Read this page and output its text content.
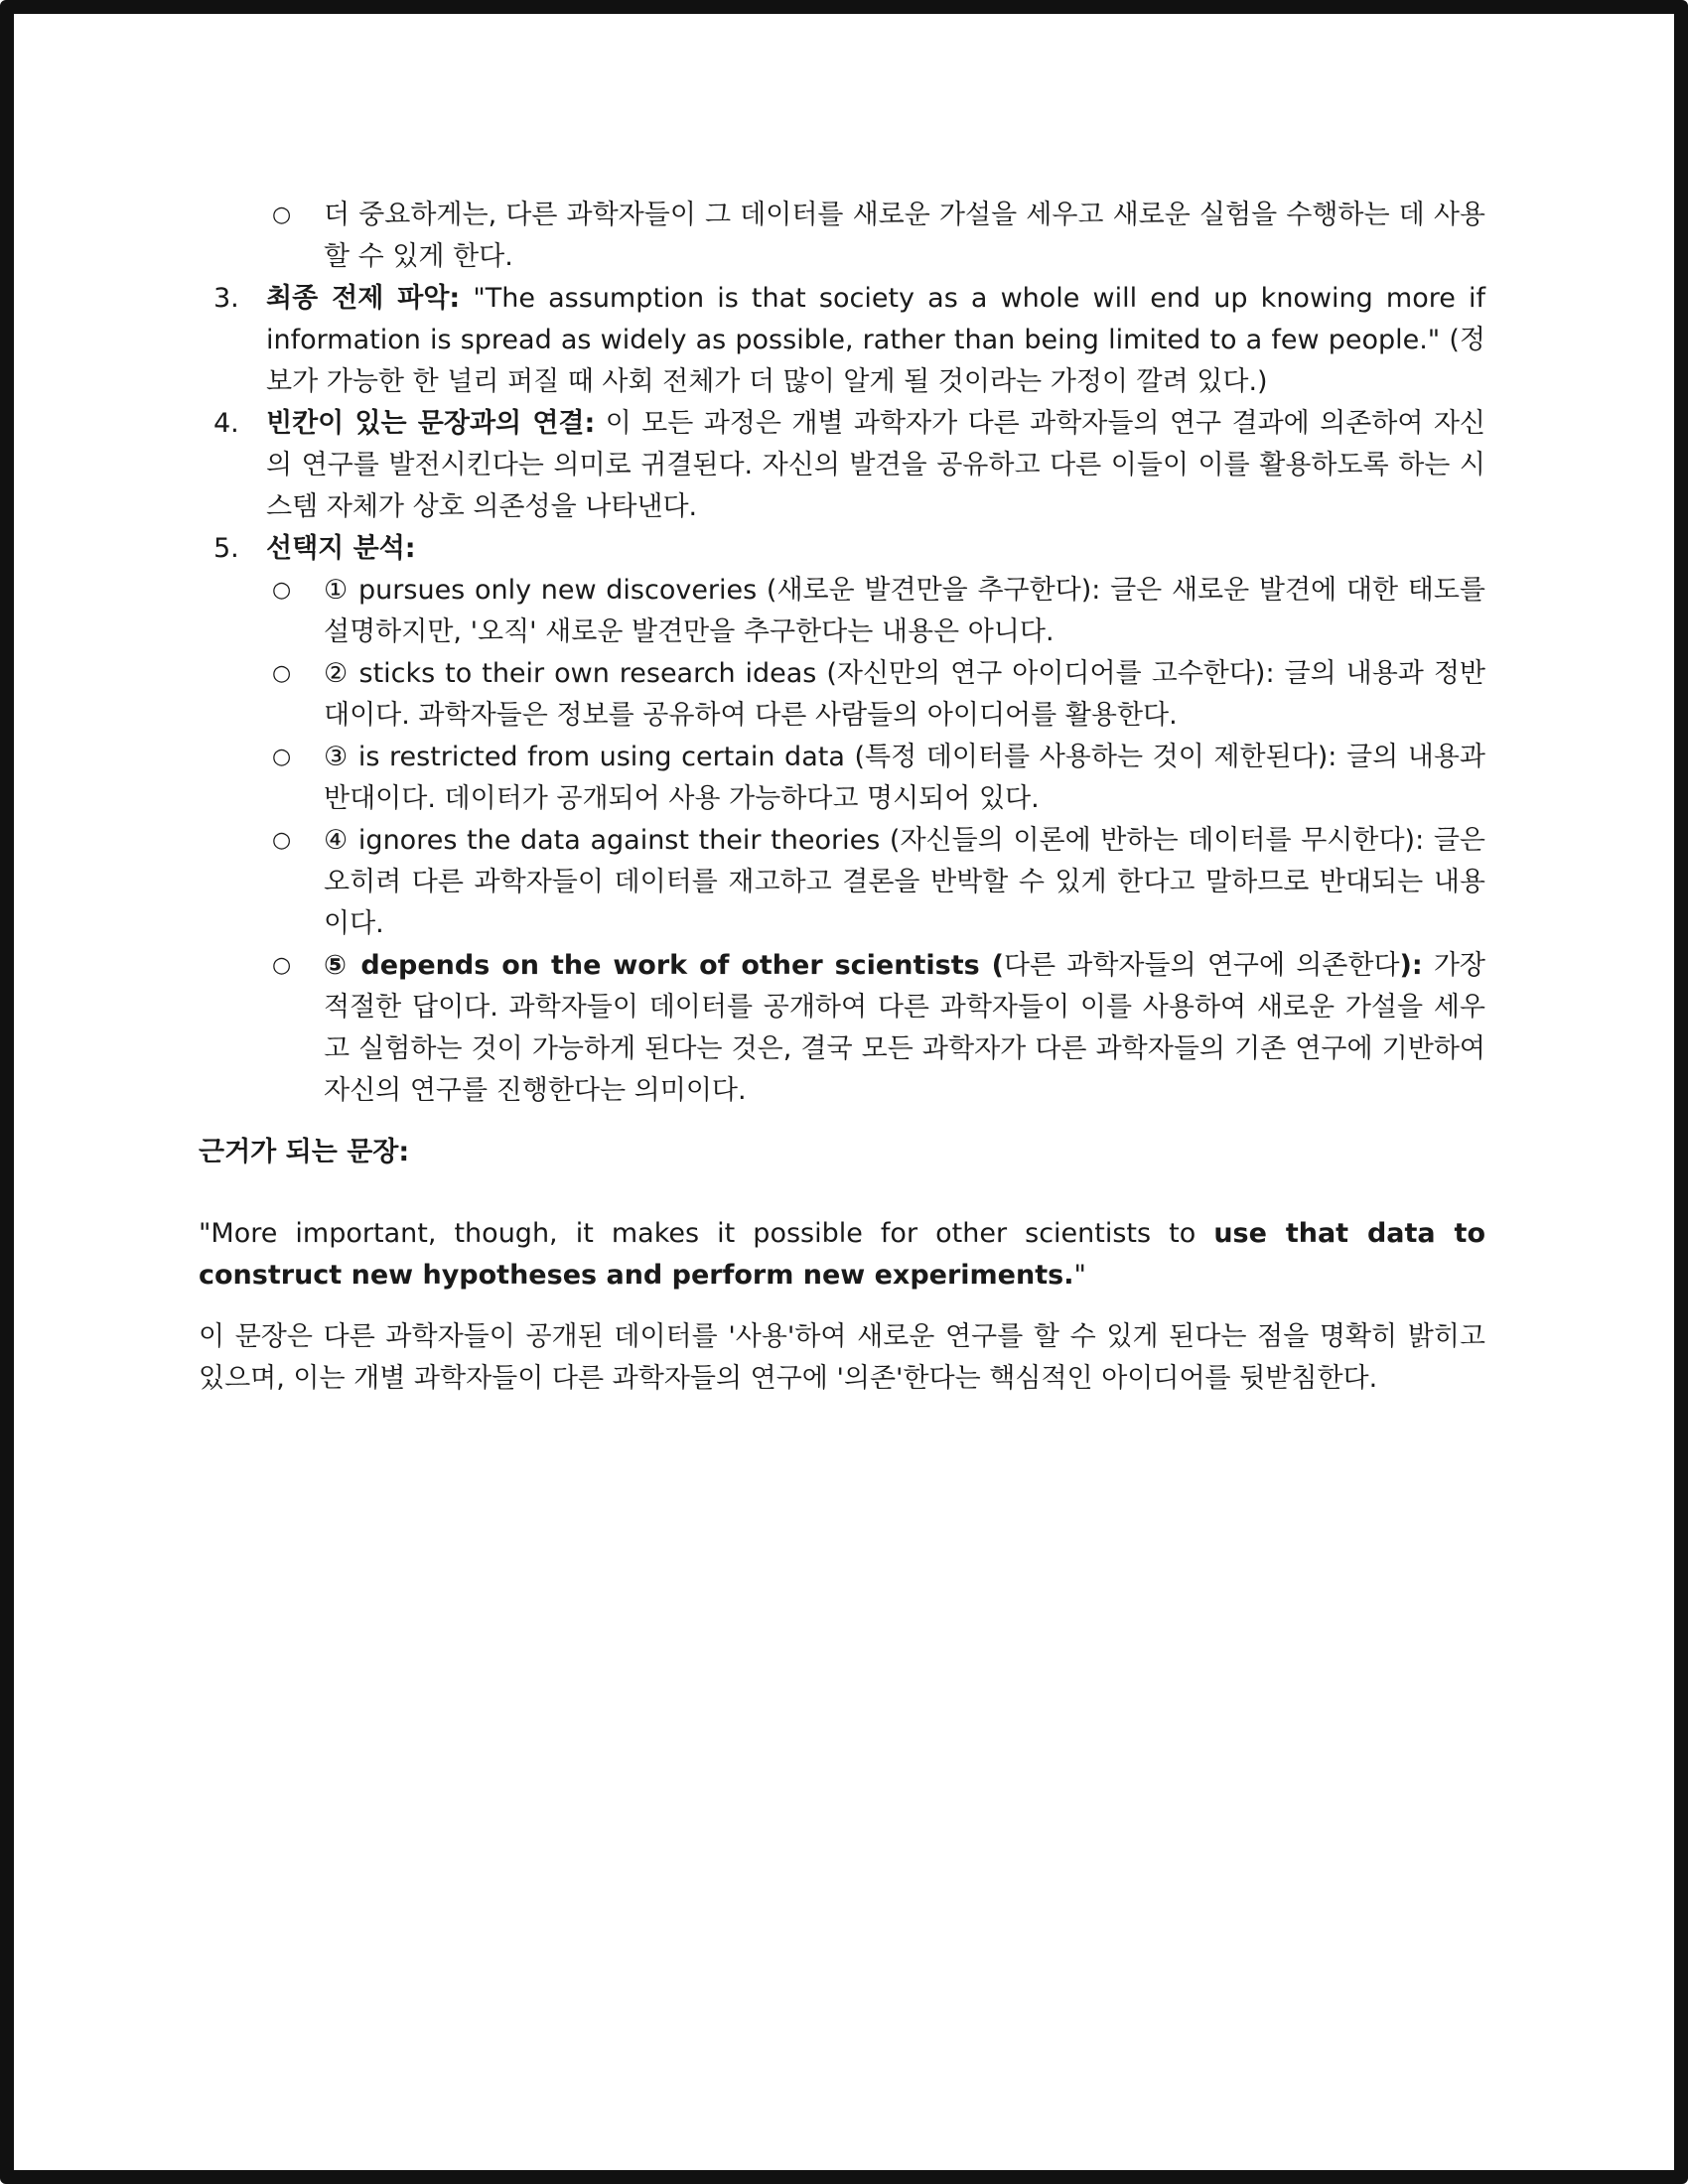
○ 더 중요하게는, 다른 과학자들이 그 데이터를 새로운 가설을 세우고 새로운 실험을 수행하는 데 사용할 수 있게 한다.
3. 최종 전제 파악: "The assumption is that society as a whole will end up knowing more if information is spread as widely as possible, rather than being limited to a few people." (정보가 가능한 한 널리 퍼질 때 사회 전체가 더 많이 알게 될 것이라는 가정이 깔려 있다.)
4. 빈칸이 있는 문장과의 연결: 이 모든 과정은 개별 과학자가 다른 과학자들의 연구 결과에 의존하여 자신의 연구를 발전시킨다는 의미로 귀결된다. 자신의 발견을 공유하고 다른 이들이 이를 활용하도록 하는 시스템 자체가 상호 의존성을 나타낸다.
5. 선택지 분석:
○ ① pursues only new discoveries (새로운 발견만을 추구한다): 글은 새로운 발견에 대한 태도를 설명하지만, '오직' 새로운 발견만을 추구한다는 내용은 아니다.
○ ② sticks to their own research ideas (자신만의 연구 아이디어를 고수한다): 글의 내용과 정반대이다. 과학자들은 정보를 공유하여 다른 사람들의 아이디어를 활용한다.
○ ③ is restricted from using certain data (특정 데이터를 사용하는 것이 제한된다): 글의 내용과 반대이다. 데이터가 공개되어 사용 가능하다고 명시되어 있다.
○ ④ ignores the data against their theories (자신들의 이론에 반하는 데이터를 무시한다): 글은 오히려 다른 과학자들이 데이터를 재고하고 결론을 반박할 수 있게 한다고 말하므로 반대되는 내용이다.
○ ⑤ depends on the work of other scientists (다른 과학자들의 연구에 의존한다): 가장 적절한 답이다. 과학자들이 데이터를 공개하여 다른 과학자들이 이를 사용하여 새로운 가설을 세우고 실험하는 것이 가능하게 된다는 것은, 결국 모든 과학자가 다른 과학자들의 기존 연구에 기반하여 자신의 연구를 진행한다는 의미이다.
근거가 되는 문장:
"More important, though, it makes it possible for other scientists to use that data to construct new hypotheses and perform new experiments."
이 문장은 다른 과학자들이 공개된 데이터를 '사용'하여 새로운 연구를 할 수 있게 된다는 점을 명확히 밝히고 있으며, 이는 개별 과학자들이 다른 과학자들의 연구에 '의존'한다는 핵심적인 아이디어를 뒷받침한다.
